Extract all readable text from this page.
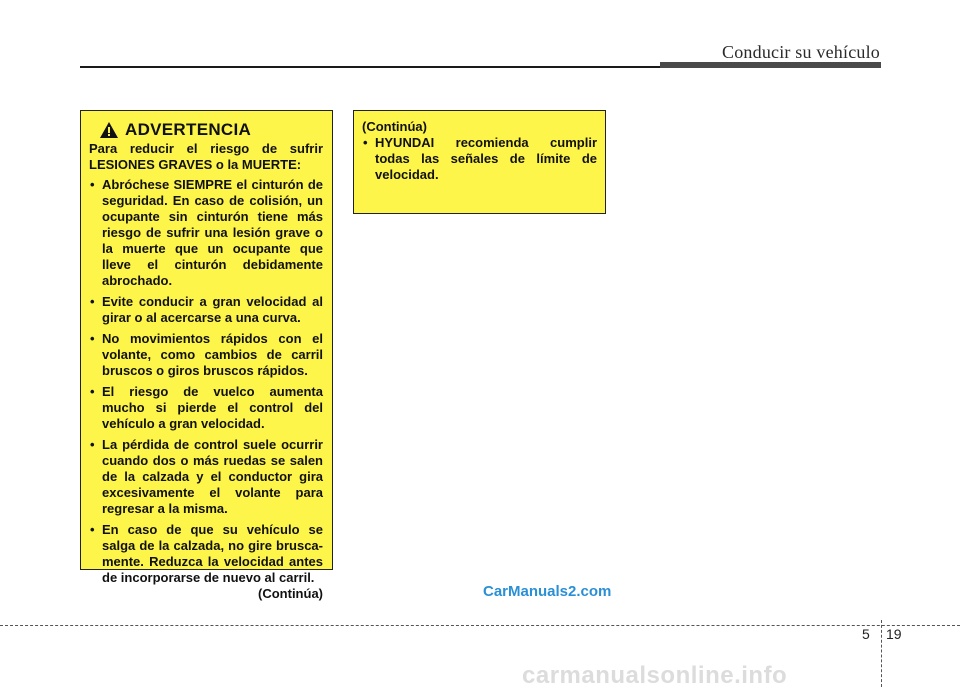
Conducir su vehículo
ADVERTENCIA
Para reducir el riesgo de sufrir LESIONES GRAVES o la MUERTE:
• Abróchese SIEMPRE el cinturón de seguridad. En caso de colisión, un ocupante sin cinturón tiene más riesgo de sufrir una lesión grave o la muerte que un ocupante que lleve el cinturón debidamente abrochado.
• Evite conducir a gran velocidad al girar o al acercarse a una curva.
• No movimientos rápidos con el volante, como cambios de carril bruscos o giros bruscos rápidos.
• El riesgo de vuelco aumenta mucho si pierde el control del vehículo a gran velocidad.
• La pérdida de control suele ocurrir cuando dos o más ruedas se salen de la calzada y el conductor gira excesivamente el volante para regresar a la misma.
• En caso de que su vehículo se salga de la calzada, no gire brusca-mente. Reduzca la velocidad antes de incorporarse de nuevo al carril.
(Continúa)
(Continúa)
• HYUNDAI recomienda cumplir todas las señales de límite de velocidad.
CarManuals2.com
5 19
carmanualsonline.info
